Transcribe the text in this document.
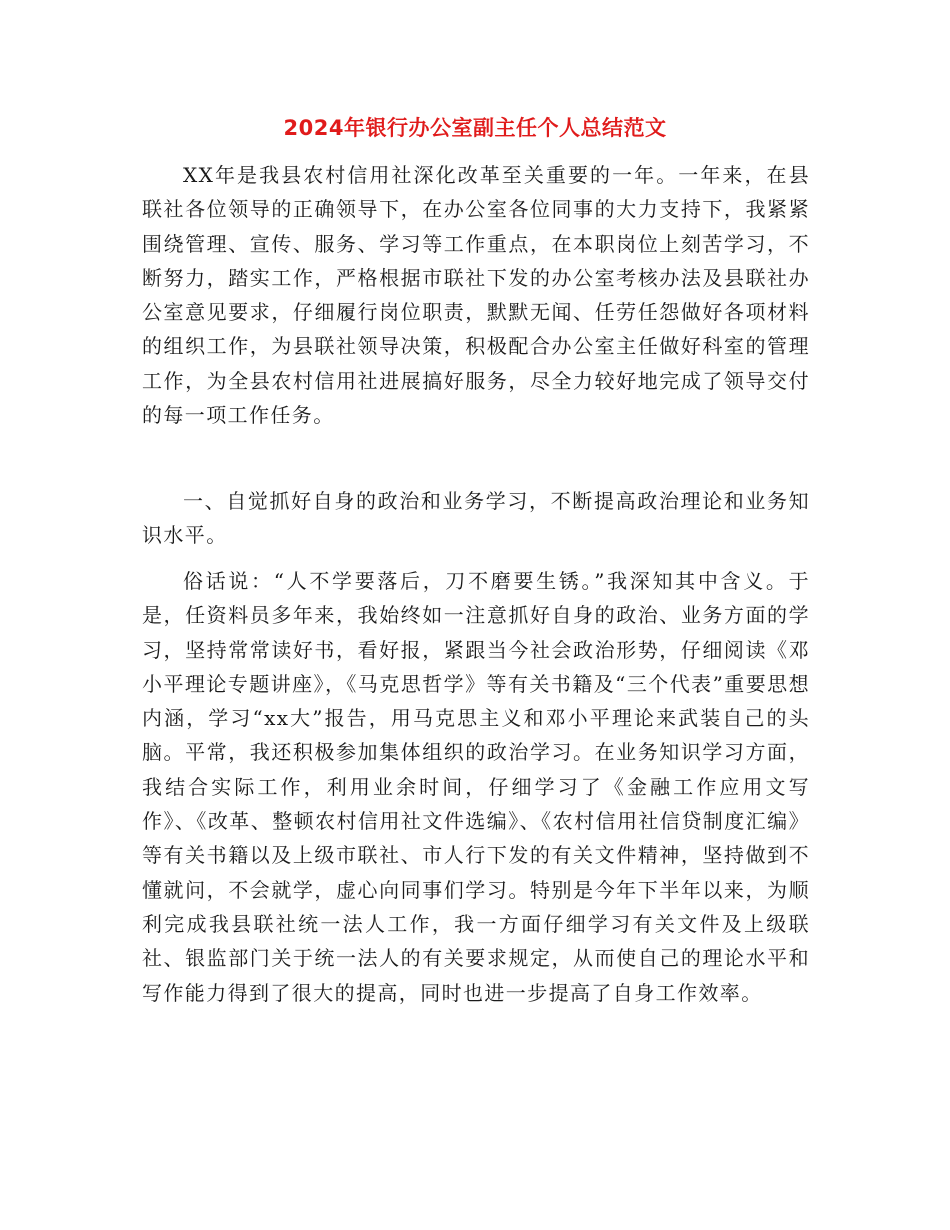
2024年银行办公室副主任个人总结范文

XX年是我县农村信用社深化改革至关重要的一年。一年来，在县联社各位领导的正确领导下，在办公室各位同事的大力支持下，我紧紧围绕管理、宣传、服务、学习等工作重点，在本职岗位上刻苦学习，不断努力，踏实工作，严格根据市联社下发的办公室考核办法及县联社办公室意见要求，仔细履行岗位职责，默默无闻、任劳任怨做好各项材料的组织工作，为县联社领导决策，积极配合办公室主任做好科室的管理工作，为全县农村信用社进展搞好服务，尽全力较好地完成了领导交付的每一项工作任务。

一、自觉抓好自身的政治和业务学习，不断提高政治理论和业务知识水平。

俗话说：“人不学要落后，刀不磨要生锈。”我深知其中含义。于是，任资料员多年来，我始终如一注意抓好自身的政治、业务方面的学习，坚持常常读好书，看好报，紧跟当今社会政治形势，仔细阅读《邓小平理论专题讲座》，《马克思哲学》等有关书籍及“三个代表”重要思想内涵，学习“xx大”报告，用马克思主义和邓小平理论来武装自己的头脑。平常，我还积极参加集体组织的政治学习。在业务知识学习方面，我结合实际工作，利用业余时间，仔细学习了《金融工作应用文写作》、《改革、整顿农村信用社文件选编》、《农村信用社信贷制度汇编》等有关书籍以及上级市联社、市人行下发的有关文件精神，坚持做到不懂就问，不会就学，虚心向同事们学习。特别是今年下半年以来，为顺利完成我县联社统一法人工作，我一方面仔细学习有关文件及上级联社、银监部门关于统一法人的有关要求规定，从而使自己的理论水平和写作能力得到了很大的提高，同时也进一步提高了自身工作效率。
